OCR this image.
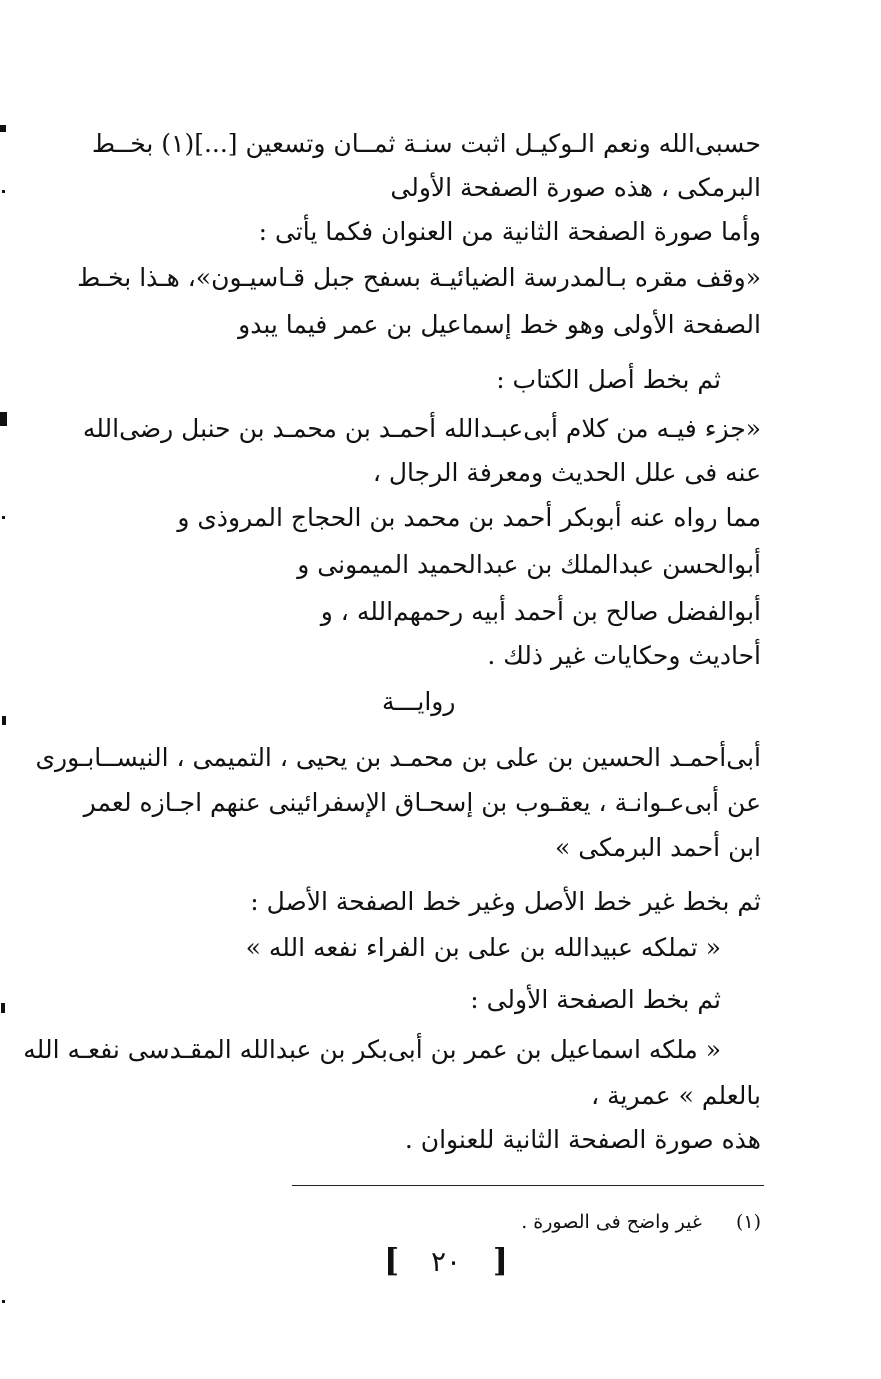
حسبى‌الله ونعم الـوكيـل اثبت سنـة ثمــان وتسعين [...](١) بخــط
البرمكى ، هذه صورة الصفحة الأولى
وأما صورة الصفحة الثانية من العنوان فكما يأتى :
«وقف مقره بـالمدرسة الضيائيـة بسفح جبل قـاسيـون»، هـذا بخـط
الصفحة الأولى وهو خط إسماعيل بن عمر فيما يبدو
ثم بخط أصل الكتاب :
«جزء فيـه من كلام أبى‌عبـدالله أحمـد بن محمـد بن حنبل رضى‌الله
عنه فى علل الحديث ومعرفة الرجال ،
مما رواه عنه أبوبكر أحمد بن محمد بن الحجاج المروذى و
أبوالحسن عبدالملك بن عبدالحميد الميمونى و
أبوالفضل صالح بن أحمد أبيه رحمهم‌الله ، و
أحاديث وحكايات غير ذلك .
روايـــة
أبى‌أحمـد الحسين بن على بن محمـد بن يحيى ، التميمى ، النيســابـورى
عن أبى‌عـوانـة ، يعقـوب بن إسحـاق الإسفرائينى عنهم اجـازه لعمر
ابن أحمد البرمكى »
ثم بخط غير خط الأصل وغير خط الصفحة الأصل :
« تملكه عبيدالله بن على بن الفراء نفعه الله »
ثم بخط الصفحة الأولى :
« ملكه اسماعيل بن عمر بن أبى‌بكر بن عبدالله المقـدسى نفعـه الله
بالعلم » عمرية ،
هذه صورة الصفحة الثانية للعنوان .
(١)  غير واضح فى الصورة .
[ ٢٠ ]
